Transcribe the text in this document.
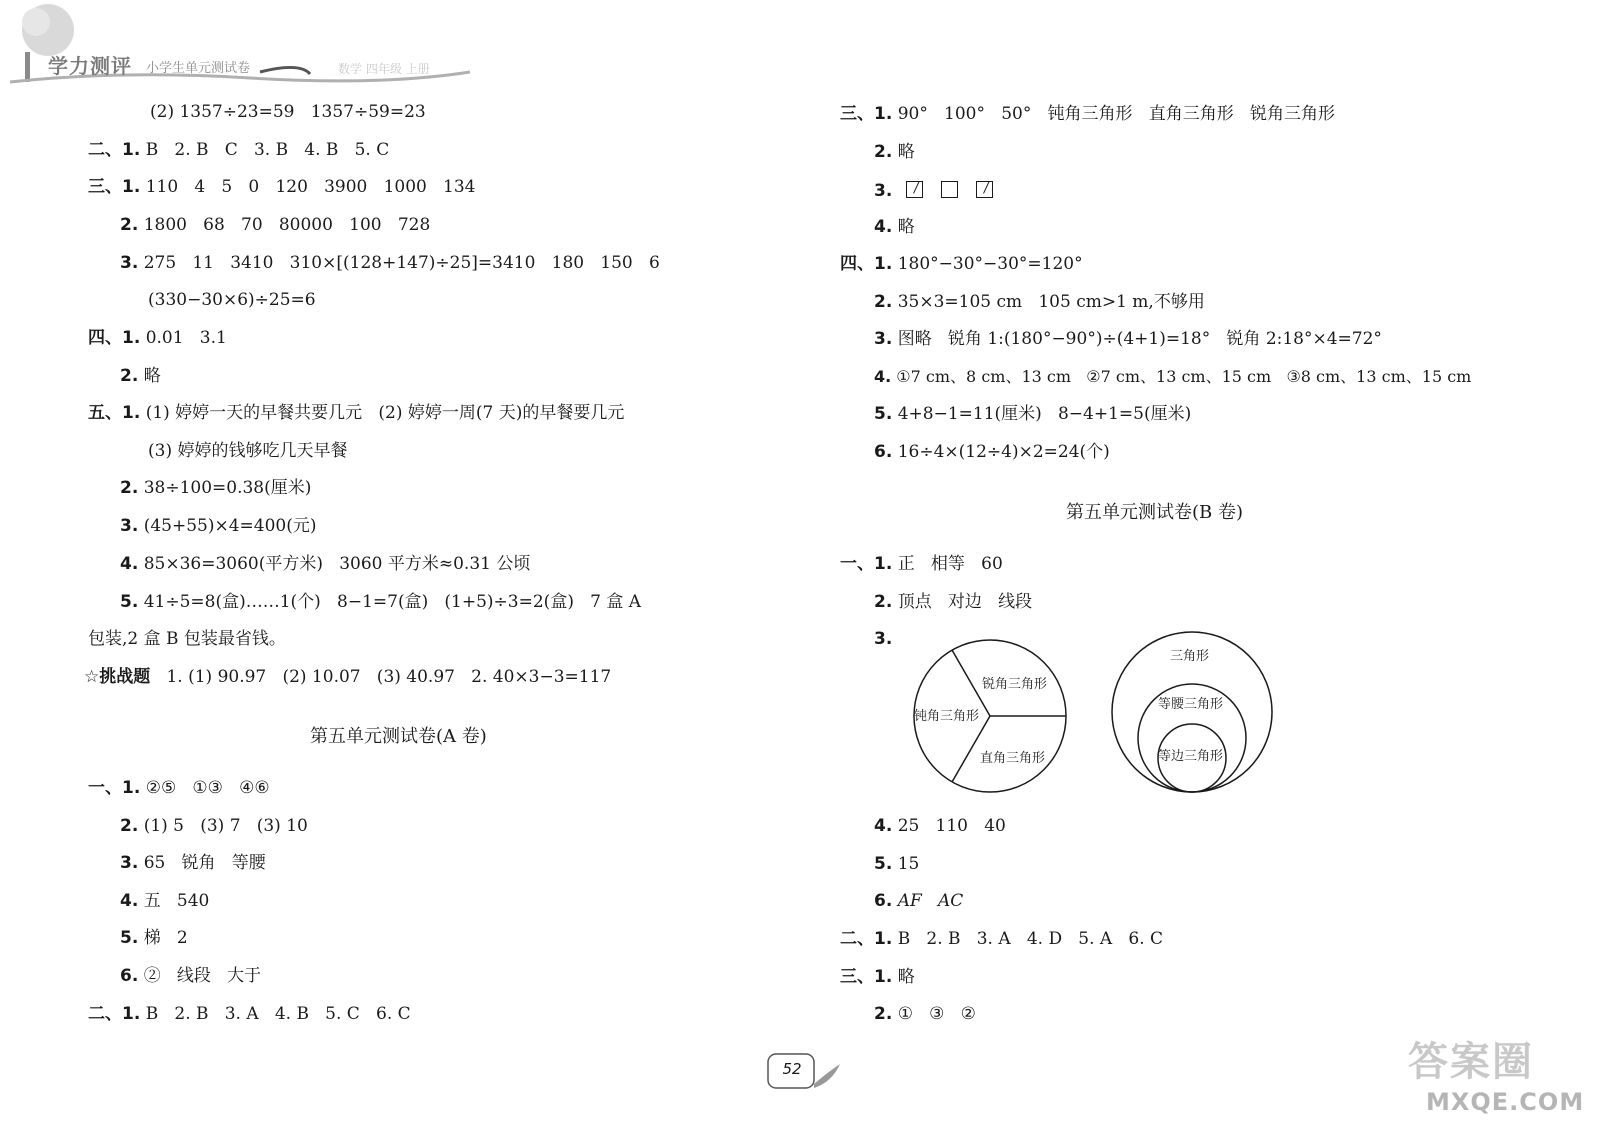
学力测评 小学生单元测试卷	数学 四年级 上册
(2) 1357÷23=59   1357÷59=23
二、1. B   2. B   C   3. B   4. B   5. C
三、1. 110   4   5   0   120   3900   1000   134
2. 1800   68   70   80000   100   728
3. 275   11   3410   310×[(128+147)÷25]=3410   180   150   6
(330−30×6)÷25=6
四、1. 0.01   3.1
2. 略
五、1. (1) 婷婷一天的早餐共要几元   (2) 婷婷一周(7 天)的早餐要几元
(3) 婷婷的钱够吃几天早餐
2. 38÷100=0.38(厘米)
3. (45+55)×4=400(元)
4. 85×36=3060(平方米)   3060 平方米≈0.31 公顷
5. 41÷5=8(盒)……1(个)   8−1=7(盒)   (1+5)÷3=2(盒)   7 盒 A
包装,2 盒 B 包装最省钱。
☆挑战题   1. (1) 90.97   (2) 10.07   (3) 40.97   2. 40×3−3=117
第五单元测试卷(A 卷)
一、1. ②⑤   ①③   ④⑥
2. (1) 5   (3) 7   (3) 10
3. 65   锐角   等腰
4. 五   540
5. 梯   2
6. ②   线段   大于
二、1. B   2. B   3. A   4. B   5. C   6. C
三、1. 90°   100°   50°   钝角三角形   直角三角形   锐角三角形
2. 略
3.
4. 略
四、1. 180°−30°−30°=120°
2. 35×3=105 cm   105 cm>1 m,不够用
3. 图略   锐角 1:(180°−90°)÷(4+1)=18°   锐角 2:18°×4=72°
4. ①7 cm、8 cm、13 cm   ②7 cm、13 cm、15 cm   ③8 cm、13 cm、15 cm
5. 4+8−1=11(厘米)   8−4+1=5(厘米)
6. 16÷4×(12÷4)×2=24(个)
第五单元测试卷(B 卷)
一、1. 正   相等   60
2. 顶点   对边   线段
3.
锐角三角形
钝角三角形
直角三角形
三角形
等腰三角形
等边三角形
4. 25   110   40
5. 15
6. AF   AC
二、1. B   2. B   3. A   4. D   5. A   6. C
三、1. 略
2. ①   ③   ②
52	答案圈
MXQE.COM
